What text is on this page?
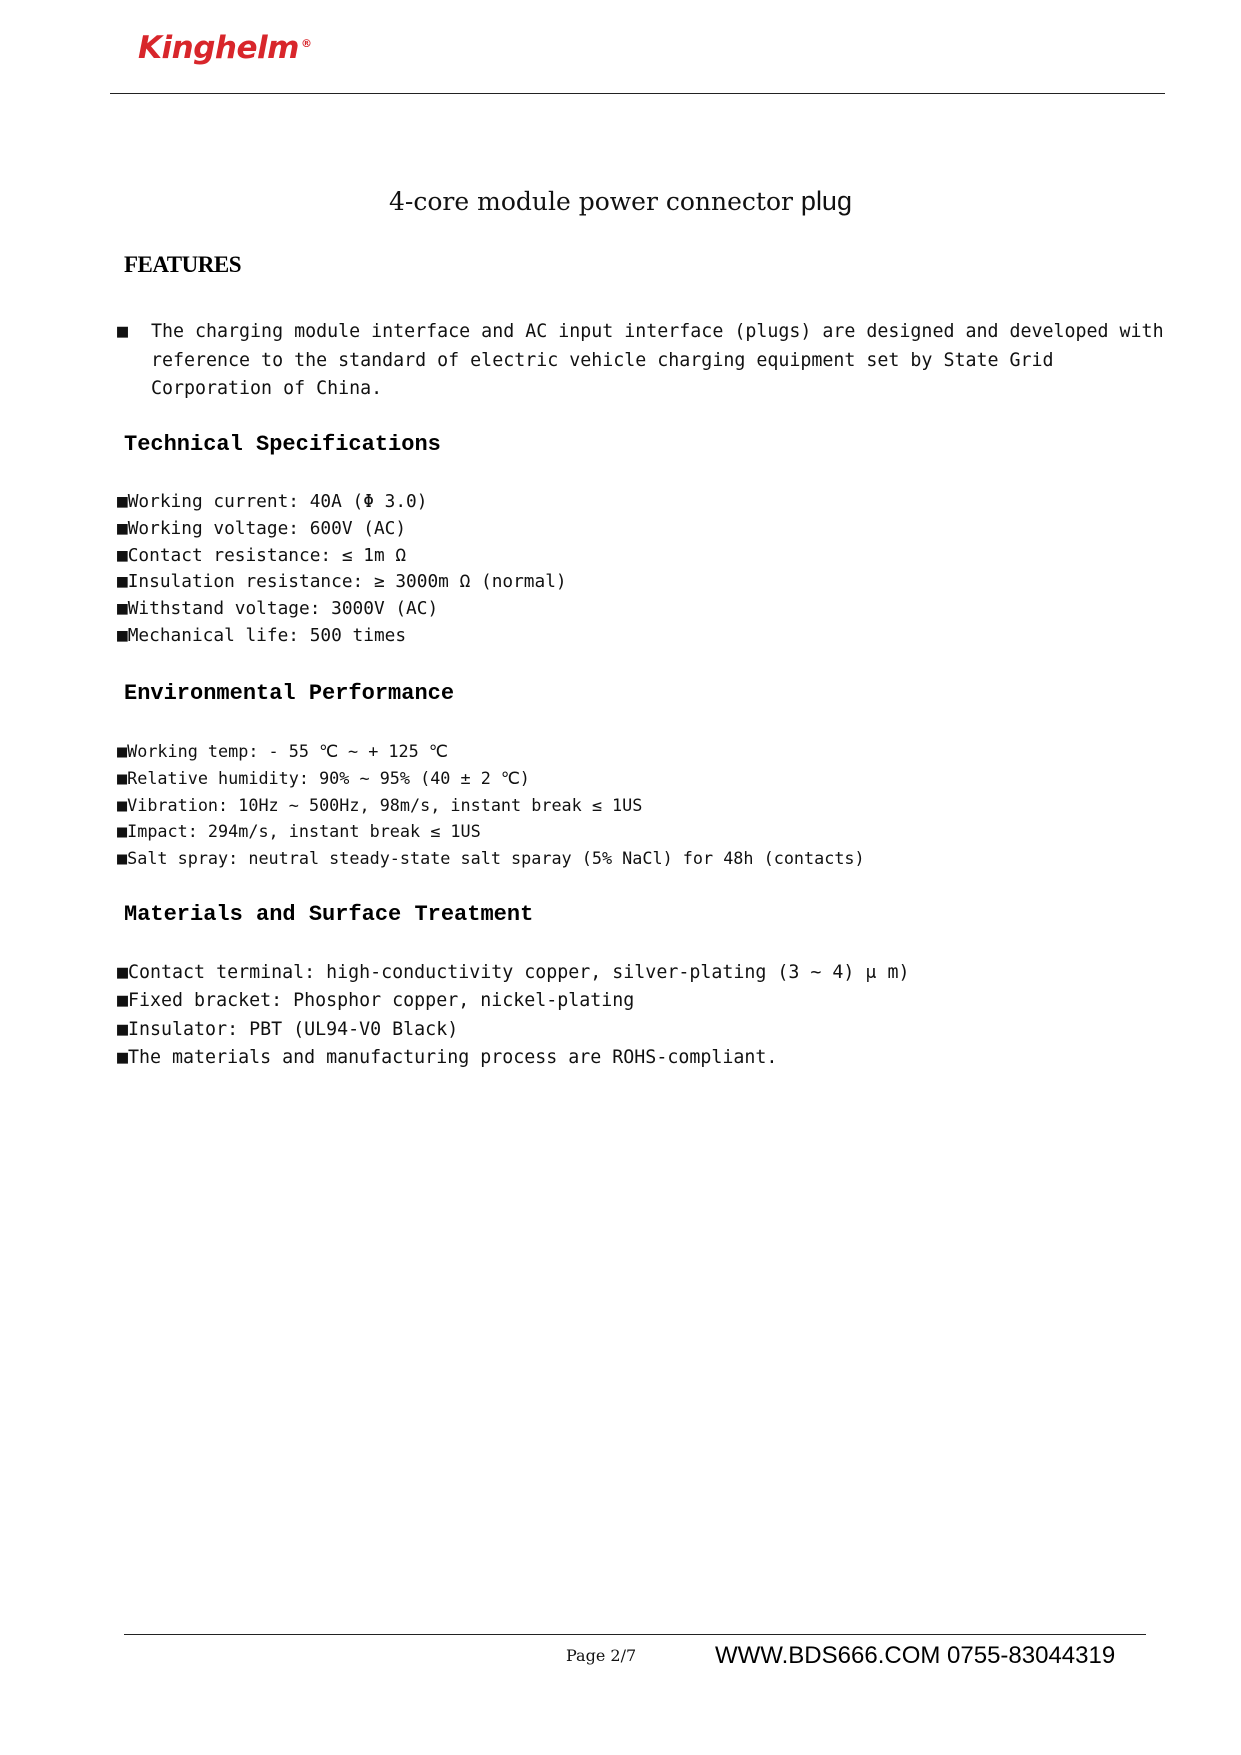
Kinghelm ®
4-core module power connector plug
FEATURES
■ The charging module interface and AC input interface (plugs) are designed and developed with reference to the standard of electric vehicle charging equipment set by State Grid Corporation of China.
Technical Specifications
■Working current: 40A (Φ 3.0)
■Working voltage: 600V (AC)
■Contact resistance: ≤ 1m Ω
■Insulation resistance: ≥ 3000m Ω (normal)
■Withstand voltage: 3000V (AC)
■Mechanical life: 500 times
Environmental Performance
■Working temp: - 55 ℃ ~ + 125 ℃
■Relative humidity: 90% ~ 95% (40 ± 2 ℃)
■Vibration: 10Hz ~ 500Hz, 98m/s, instant break ≤ 1US
■Impact: 294m/s, instant break ≤ 1US
■Salt spray: neutral steady-state salt sparay (5% NaCl) for 48h (contacts)
Materials and Surface Treatment
■Contact terminal: high-conductivity copper, silver-plating (3 ~ 4) μ m)
■Fixed bracket: Phosphor copper, nickel-plating
■Insulator: PBT (UL94-V0 Black)
■The materials and manufacturing process are ROHS-compliant.
Page 2/7	WWW.BDS666.COM 0755-83044319
